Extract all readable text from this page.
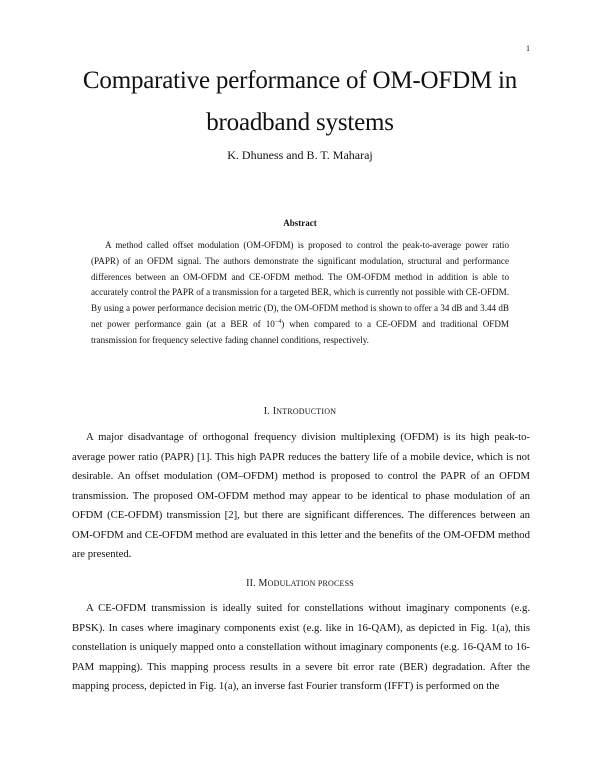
1
Comparative performance of OM-OFDM in
broadband systems
K. Dhuness and B. T. Maharaj
Abstract

A method called offset modulation (OM-OFDM) is proposed to control the peak-to-average power ratio (PAPR) of an OFDM signal. The authors demonstrate the significant modulation, structural and performance differences between an OM-OFDM and CE-OFDM method. The OM-OFDM method in addition is able to accurately control the PAPR of a transmission for a targeted BER, which is currently not possible with CE-OFDM. By using a power performance decision metric (D), the OM-OFDM method is shown to offer a 34 dB and 3.44 dB net power performance gain (at a BER of $10^{-4}$) when compared to a CE-OFDM and traditional OFDM transmission for frequency selective fading channel conditions, respectively.

I. INTRODUCTION

A major disadvantage of orthogonal frequency division multiplexing (OFDM) is its high peak-to-average power ratio (PAPR) [1]. This high PAPR reduces the battery life of a mobile device, which is not desirable. An offset modulation (OM–OFDM) method is proposed to control the PAPR of an OFDM transmission. The proposed OM-OFDM method may appear to be identical to phase modulation of an OFDM (CE-OFDM) transmission [2], but there are significant differences. The differences between an OM-OFDM and CE-OFDM method are evaluated in this letter and the benefits of the OM-OFDM method are presented.

II. MODULATION PROCESS

A CE-OFDM transmission is ideally suited for constellations without imaginary components (e.g. BPSK). In cases where imaginary components exist (e.g. like in 16-QAM), as depicted in Fig. 1(a), this constellation is uniquely mapped onto a constellation without imaginary components (e.g. 16-QAM to 16-PAM mapping). This mapping process results in a severe bit error rate (BER) degradation. After the mapping process, depicted in Fig. 1(a), an inverse fast Fourier transform (IFFT) is performed on the
